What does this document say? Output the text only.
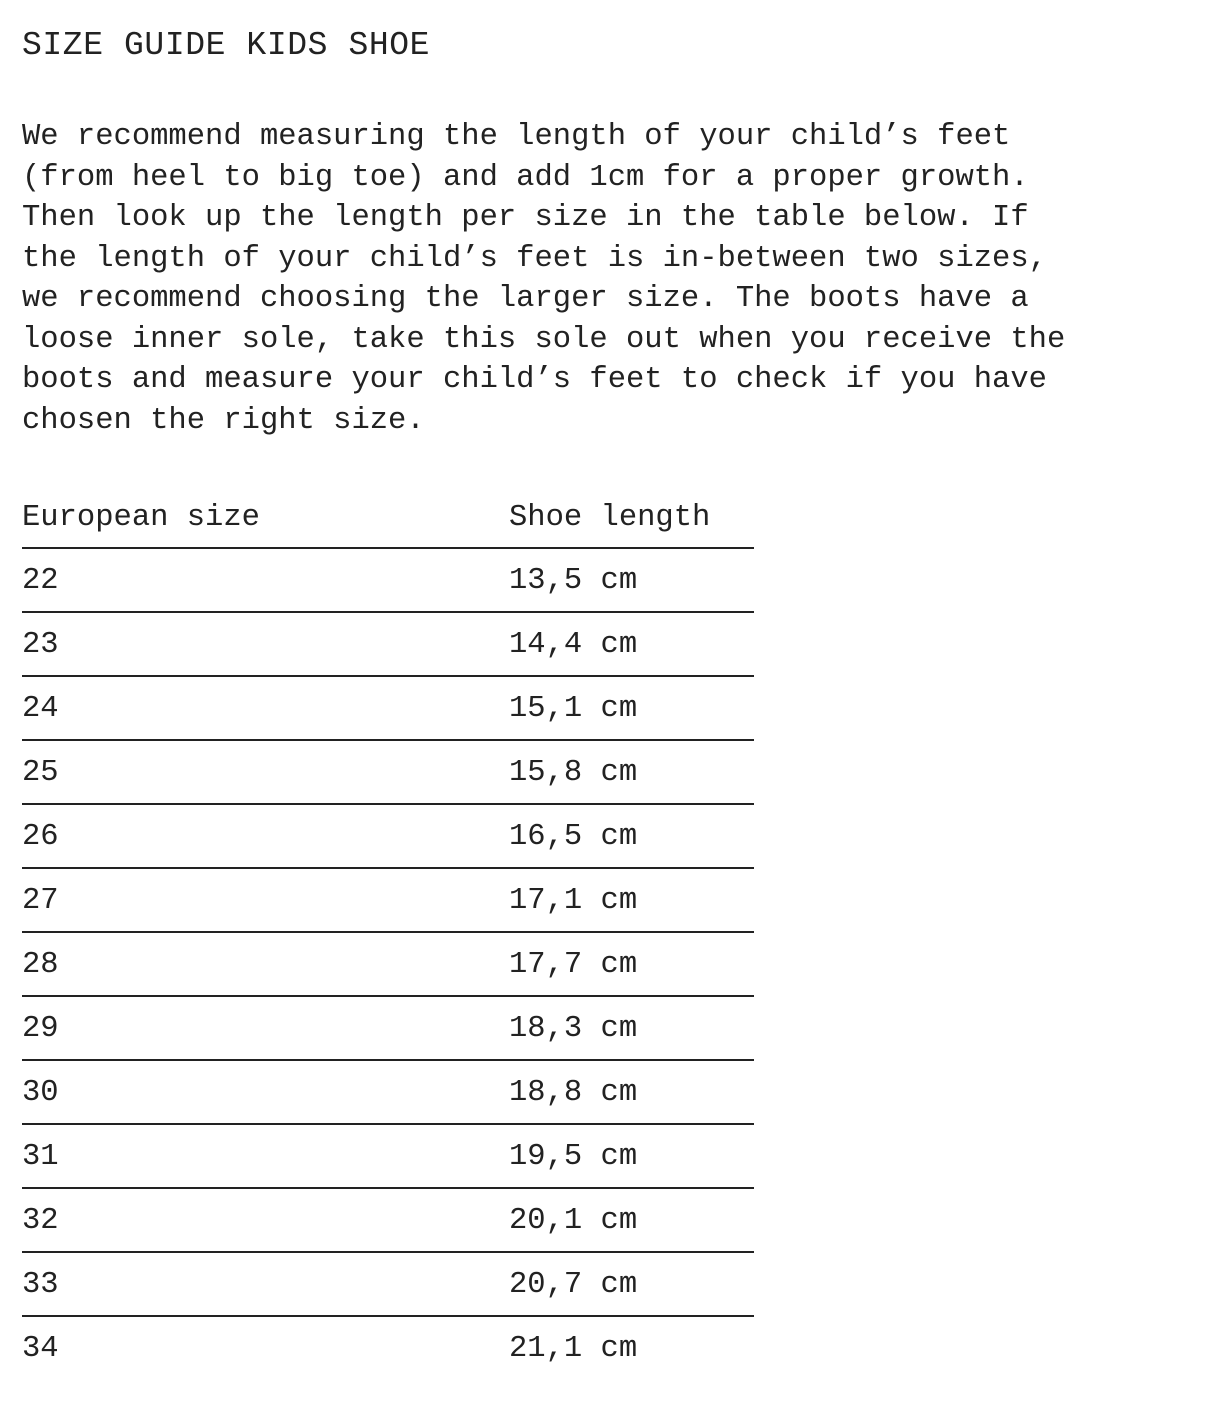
SIZE GUIDE KIDS SHOE
We recommend measuring the length of your child’s feet
(from heel to big toe) and add 1cm for a proper growth.
Then look up the length per size in the table below. If
the length of your child’s feet is in-between two sizes,
we recommend choosing the larger size. The boots have a
loose inner sole, take this sole out when you receive the
boots and measure your child’s feet to check if you have
chosen the right size.
European size	Shoe length
22	13,5 cm
23	14,4 cm
24	15,1 cm
25	15,8 cm
26	16,5 cm
27	17,1 cm
28	17,7 cm
29	18,3 cm
30	18,8 cm
31	19,5 cm
32	20,1 cm
33	20,7 cm
34	21,1 cm
